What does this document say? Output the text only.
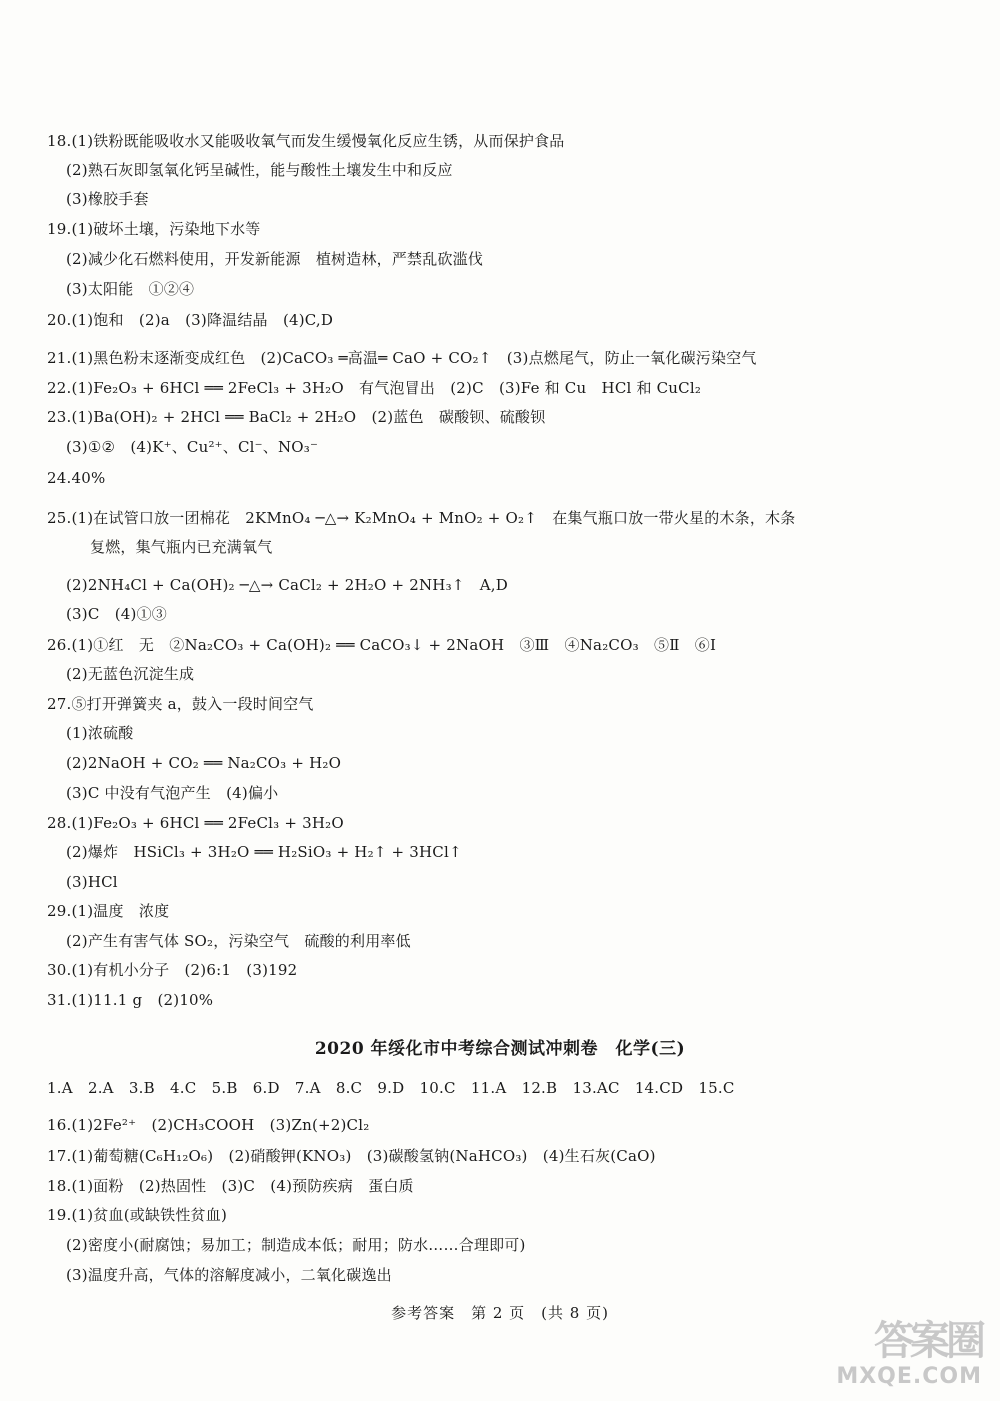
18.(1)铁粉既能吸收水又能吸收氧气而发生缓慢氧化反应生锈，从而保护食品
(2)熟石灰即氢氧化钙呈碱性，能与酸性土壤发生中和反应
(3)橡胶手套
19.(1)破坏土壤，污染地下水等
(2)减少化石燃料使用，开发新能源　植树造林，严禁乱砍滥伐
(3)太阳能　①②④
20.(1)饱和　(2)a　(3)降温结晶　(4)C,D
21.(1)黑色粉末逐渐变成红色　(2)CaCO₃ ═高温═ CaO + CO₂↑　(3)点燃尾气，防止一氧化碳污染空气
22.(1)Fe₂O₃ + 6HCl ══ 2FeCl₃ + 3H₂O　有气泡冒出　(2)C　(3)Fe 和 Cu　HCl 和 CuCl₂
23.(1)Ba(OH)₂ + 2HCl ══ BaCl₂ + 2H₂O　(2)蓝色　碳酸钡、硫酸钡
(3)①②　(4)K⁺、Cu²⁺、Cl⁻、NO₃⁻
24.40%
25.(1)在试管口放一团棉花　2KMnO₄ ─△→ K₂MnO₄ + MnO₂ + O₂↑　在集气瓶口放一带火星的木条，木条
复燃，集气瓶内已充满氧气
(2)2NH₄Cl + Ca(OH)₂ ─△→ CaCl₂ + 2H₂O + 2NH₃↑　A,D
(3)C　(4)①③
26.(1)①红　无　②Na₂CO₃ + Ca(OH)₂ ══ CaCO₃↓ + 2NaOH　③Ⅲ　④Na₂CO₃　⑤Ⅱ　⑥Ⅰ
(2)无蓝色沉淀生成
27.⑤打开弹簧夹 a，鼓入一段时间空气
(1)浓硫酸
(2)2NaOH + CO₂ ══ Na₂CO₃ + H₂O
(3)C 中没有气泡产生　(4)偏小
28.(1)Fe₂O₃ + 6HCl ══ 2FeCl₃ + 3H₂O
(2)爆炸　HSiCl₃ + 3H₂O ══ H₂SiO₃ + H₂↑ + 3HCl↑
(3)HCl
29.(1)温度　浓度
(2)产生有害气体 SO₂，污染空气　硫酸的利用率低
30.(1)有机小分子　(2)6:1　(3)192
31.(1)11.1 g　(2)10%
2020 年绥化市中考综合测试冲刺卷　化学(三)
1.A　2.A　3.B　4.C　5.B　6.D　7.A　8.C　9.D　10.C　11.A　12.B　13.AC　14.CD　15.C
16.(1)2Fe²⁺　(2)CH₃COOH　(3)Zn(+2)Cl₂
17.(1)葡萄糖(C₆H₁₂O₆)　(2)硝酸钾(KNO₃)　(3)碳酸氢钠(NaHCO₃)　(4)生石灰(CaO)
18.(1)面粉　(2)热固性　(3)C　(4)预防疾病　蛋白质
19.(1)贫血(或缺铁性贫血)
(2)密度小(耐腐蚀；易加工；制造成本低；耐用；防水……合理即可)
(3)温度升高，气体的溶解度减小，二氧化碳逸出
参考答案　第 2 页　(共 8 页)
答案圈
MXQE.COM
